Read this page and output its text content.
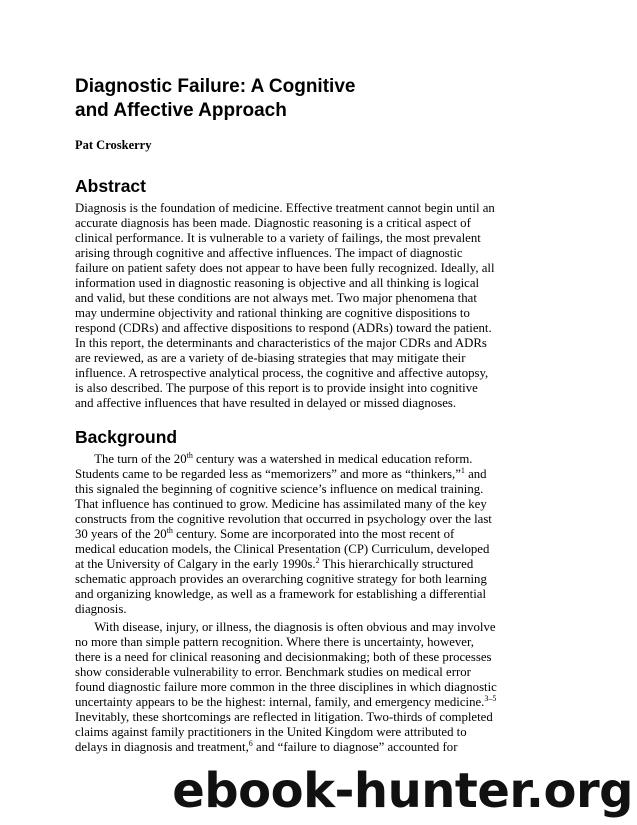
Diagnostic Failure: A Cognitive
and Affective Approach

Pat Croskerry

Abstract

Diagnosis is the foundation of medicine. Effective treatment cannot begin until an
accurate diagnosis has been made. Diagnostic reasoning is a critical aspect of
clinical performance. It is vulnerable to a variety of failings, the most prevalent
arising through cognitive and affective influences. The impact of diagnostic
failure on patient safety does not appear to have been fully recognized. Ideally, all
information used in diagnostic reasoning is objective and all thinking is logical
and valid, but these conditions are not always met. Two major phenomena that
may undermine objectivity and rational thinking are cognitive dispositions to
respond (CDRs) and affective dispositions to respond (ADRs) toward the patient.
In this report, the determinants and characteristics of the major CDRs and ADRs
are reviewed, as are a variety of de-biasing strategies that may mitigate their
influence. A retrospective analytical process, the cognitive and affective autopsy,
is also described. The purpose of this report is to provide insight into cognitive
and affective influences that have resulted in delayed or missed diagnoses.

Background

  The turn of the 20th century was a watershed in medical education reform.
Students came to be regarded less as “memorizers” and more as “thinkers,”$^1$ and
this signaled the beginning of cognitive science’s influence on medical training.
That influence has continued to grow. Medicine has assimilated many of the key
constructs from the cognitive revolution that occurred in psychology over the last
30 years of the 20th century. Some are incorporated into the most recent of
medical education models, the Clinical Presentation (CP) Curriculum, developed
at the University of Calgary in the early 1990s.$^2$ This hierarchically structured
schematic approach provides an overarching cognitive strategy for both learning
and organizing knowledge, as well as a framework for establishing a differential
diagnosis.

  With disease, injury, or illness, the diagnosis is often obvious and may involve
no more than simple pattern recognition. Where there is uncertainty, however,
there is a need for clinical reasoning and decisionmaking; both of these processes
show considerable vulnerability to error. Benchmark studies on medical error
found diagnostic failure more common in the three disciplines in which diagnostic
uncertainty appears to be the highest: internal, family, and emergency medicine.$^{3-5}$
Inevitably, these shortcomings are reflected in litigation. Two-thirds of completed
claims against family practitioners in the United Kingdom were attributed to
delays in diagnosis and treatment,$^6$ and “failure to diagnose” accounted for

ebook-hunter.org
